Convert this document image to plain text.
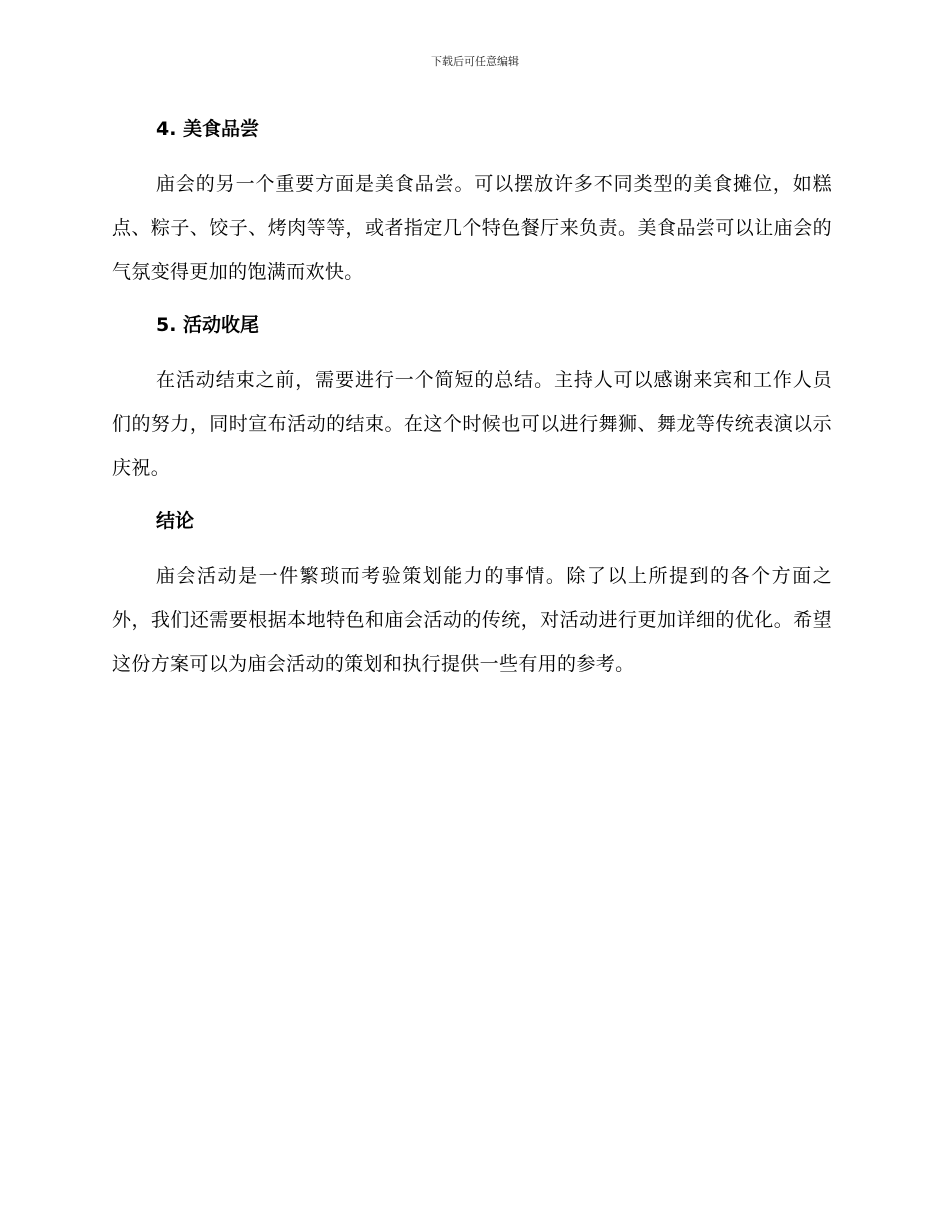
下载后可任意编辑
4. 美食品尝

庙会的另一个重要方面是美食品尝。可以摆放许多不同类型的美食摊位，如糕点、粽子、饺子、烤肉等等，或者指定几个特色餐厅来负责。美食品尝可以让庙会的气氛变得更加的饱满而欢快。

5. 活动收尾

在活动结束之前，需要进行一个简短的总结。主持人可以感谢来宾和工作人员们的努力，同时宣布活动的结束。在这个时候也可以进行舞狮、舞龙等传统表演以示庆祝。

结论

庙会活动是一件繁琐而考验策划能力的事情。除了以上所提到的各个方面之外，我们还需要根据本地特色和庙会活动的传统，对活动进行更加详细的优化。希望这份方案可以为庙会活动的策划和执行提供一些有用的参考。
